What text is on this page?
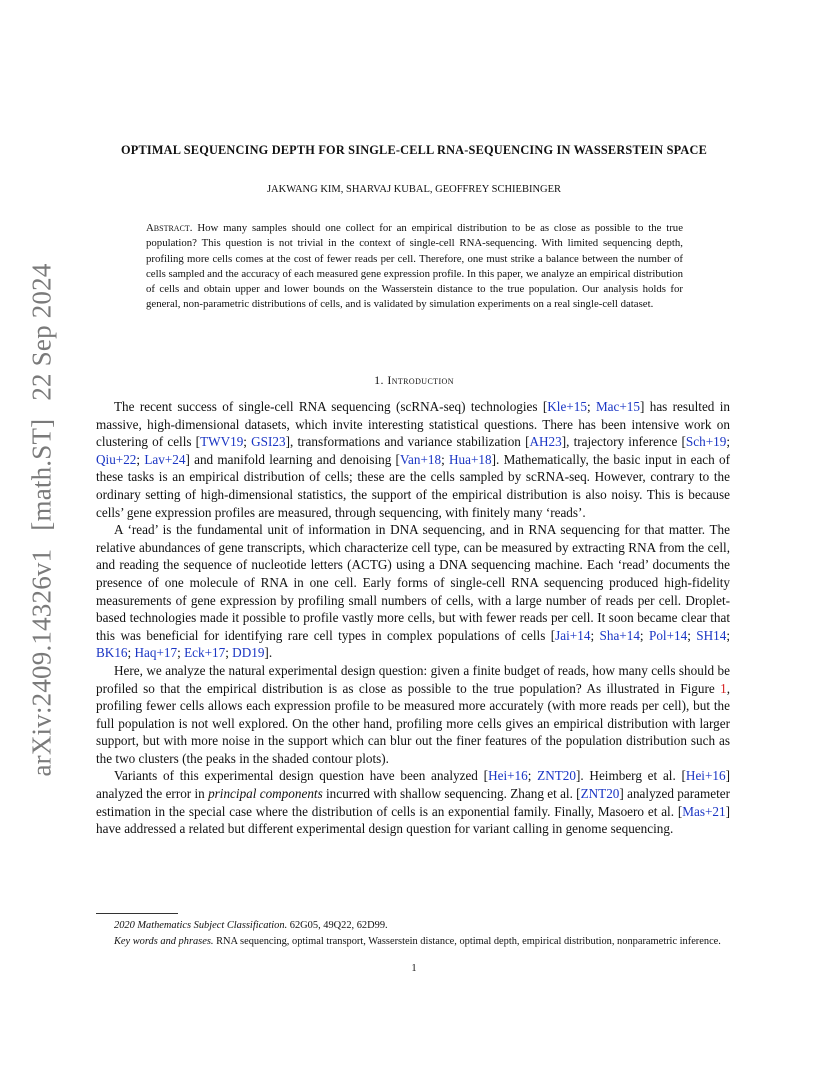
arXiv:2409.14326v1[math.ST]22 Sep 2024
OPTIMAL SEQUENCING DEPTH FOR SINGLE-CELL RNA-SEQUENCING IN WASSERSTEIN SPACE
JAKWANG KIM, SHARVAJ KUBAL, GEOFFREY SCHIEBINGER
Abstract. How many samples should one collect for an empirical distribution to be as close as possible to the true population? This question is not trivial in the context of single-cell RNA-sequencing. With limited sequencing depth, profiling more cells comes at the cost of fewer reads per cell. Therefore, one must strike a balance between the number of cells sampled and the accuracy of each measured gene expression profile. In this paper, we analyze an empirical distribution of cells and obtain upper and lower bounds on the Wasserstein distance to the true population. Our analysis holds for general, non-parametric distributions of cells, and is validated by simulation experiments on a real single-cell dataset.
1. Introduction

The recent success of single-cell RNA sequencing (scRNA-seq) technologies [Kle+15; Mac+15] has resulted in massive, high-dimensional datasets, which invite interesting statistical questions. There has been intensive work on clustering of cells [TWV19; GSI23], transformations and variance stabilization [AH23], trajectory inference [Sch+19; Qiu+22; Lav+24] and manifold learning and denoising [Van+18; Hua+18]. Mathematically, the basic input in each of these tasks is an empirical distribution of cells; these are the cells sampled by scRNA-seq. However, contrary to the ordinary setting of high-dimensional statistics, the support of the empirical distribution is also noisy. This is because cells’ gene expression profiles are measured, through sequencing, with finitely many ‘reads’.

A ‘read’ is the fundamental unit of information in DNA sequencing, and in RNA sequencing for that matter. The relative abundances of gene transcripts, which characterize cell type, can be measured by extracting RNA from the cell, and reading the sequence of nucleotide letters (ACTG) using a DNA sequencing machine. Each ‘read’ documents the presence of one molecule of RNA in one cell. Early forms of single-cell RNA sequencing produced high-fidelity measurements of gene expression by profiling small numbers of cells, with a large number of reads per cell. Droplet-based technologies made it possible to profile vastly more cells, but with fewer reads per cell. It soon became clear that this was beneficial for identifying rare cell types in complex populations of cells [Jai+14; Sha+14; Pol+14; SH14; BK16; Haq+17; Eck+17; DD19].

Here, we analyze the natural experimental design question: given a finite budget of reads, how many cells should be profiled so that the empirical distribution is as close as possible to the true population? As illustrated in Figure 1, profiling fewer cells allows each expression profile to be measured more accurately (with more reads per cell), but the full population is not well explored. On the other hand, profiling more cells gives an empirical distribution with larger support, but with more noise in the support which can blur out the finer features of the population distribution such as the two clusters (the peaks in the shaded contour plots).

Variants of this experimental design question have been analyzed [Hei+16; ZNT20]. Heimberg et al. [Hei+16] analyzed the error in principal components incurred with shallow sequencing. Zhang et al. [ZNT20] analyzed parameter estimation in the special case where the distribution of cells is an exponential family. Finally, Masoero et al. [Mas+21] have addressed a related but different experimental design question for variant calling in genome sequencing.

2020 Mathematics Subject Classification. 62G05, 49Q22, 62D99.

Key words and phrases. RNA sequencing, optimal transport, Wasserstein distance, optimal depth, empirical distribution, nonparametric inference.

1
